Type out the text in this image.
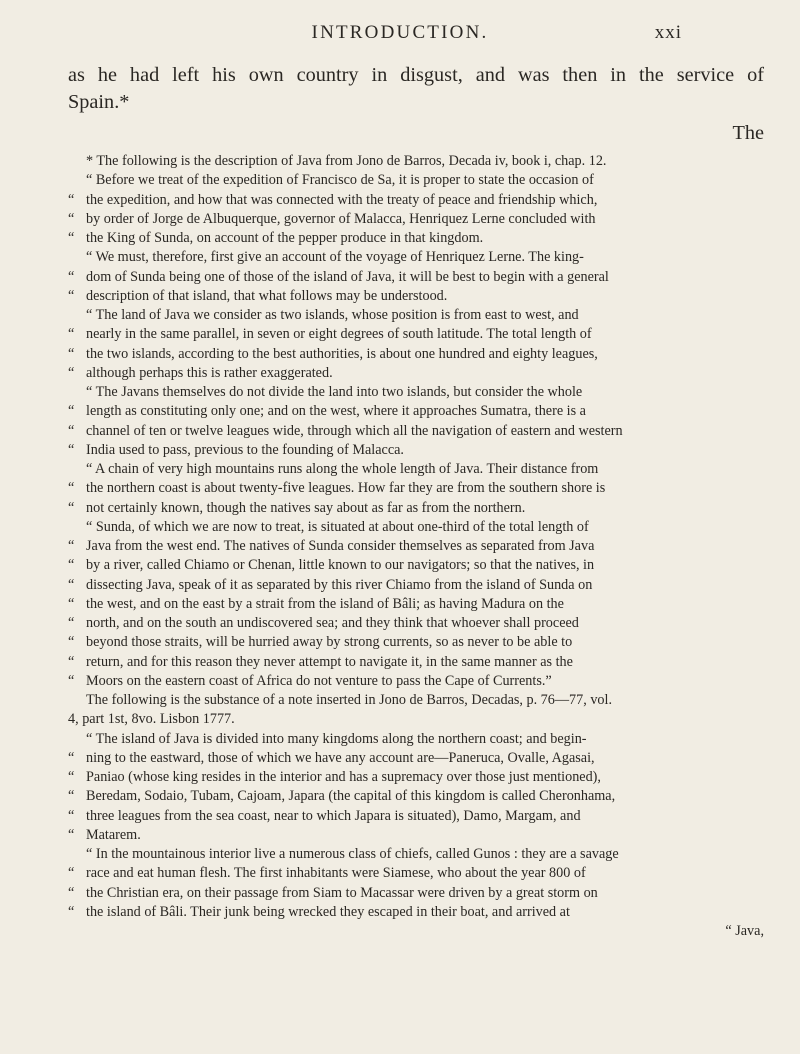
INTRODUCTION.	xxi

as he had left his own country in disgust, and was then in the service of

Spain.*

The
* The following is the description of Java from Jono de Barros, Decada iv, book i, chap. 12.
“ Before we treat of the expedition of Francisco de Sa, it is proper to state the occasion of
“ the expedition, and how that was connected with the treaty of peace and friendship which,
“ by order of Jorge de Albuquerque, governor of Malacca, Henriquez Lerne concluded with
“ the King of Sunda, on account of the pepper produce in that kingdom.
“ We must, therefore, first give an account of the voyage of Henriquez Lerne. The king-
“ dom of Sunda being one of those of the island of Java, it will be best to begin with a general
“ description of that island, that what follows may be understood.
“ The land of Java we consider as two islands, whose position is from east to west, and
“ nearly in the same parallel, in seven or eight degrees of south latitude. The total length of
“ the two islands, according to the best authorities, is about one hundred and eighty leagues,
“ although perhaps this is rather exaggerated.
“ The Javans themselves do not divide the land into two islands, but consider the whole
“ length as constituting only one; and on the west, where it approaches Sumatra, there is a
“ channel of ten or twelve leagues wide, through which all the navigation of eastern and western
“ India used to pass, previous to the founding of Malacca.
“ A chain of very high mountains runs along the whole length of Java. Their distance from
“ the northern coast is about twenty-five leagues. How far they are from the southern shore is
“ not certainly known, though the natives say about as far as from the northern.
“ Sunda, of which we are now to treat, is situated at about one-third of the total length of
“ Java from the west end. The natives of Sunda consider themselves as separated from Java
“ by a river, called Chiamo or Chenan, little known to our navigators; so that the natives, in
“ dissecting Java, speak of it as separated by this river Chiamo from the island of Sunda on
“ the west, and on the east by a strait from the island of Bâli; as having Madura on the
“ north, and on the south an undiscovered sea; and they think that whoever shall proceed
“ beyond those straits, will be hurried away by strong currents, so as never to be able to
“ return, and for this reason they never attempt to navigate it, in the same manner as the
“ Moors on the eastern coast of Africa do not venture to pass the Cape of Currents.”
The following is the substance of a note inserted in Jono de Barros, Decadas, p. 76—77, vol.
4, part 1st, 8vo. Lisbon 1777.
“ The island of Java is divided into many kingdoms along the northern coast; and begin-
“ ning to the eastward, those of which we have any account are—Paneruca, Ovalle, Agasai,
“ Paniao (whose king resides in the interior and has a supremacy over those just mentioned),
“ Beredam, Sodaio, Tubam, Cajoam, Japara (the capital of this kingdom is called Cheronhama,
“ three leagues from the sea coast, near to which Japara is situated), Damo, Margam, and
“ Matarem.
“ In the mountainous interior live a numerous class of chiefs, called Gunos : they are a savage
“ race and eat human flesh. The first inhabitants were Siamese, who about the year 800 of
“ the Christian era, on their passage from Siam to Macassar were driven by a great storm on
“ the island of Bâli. Their junk being wrecked they escaped in their boat, and arrived at
“ Java,
